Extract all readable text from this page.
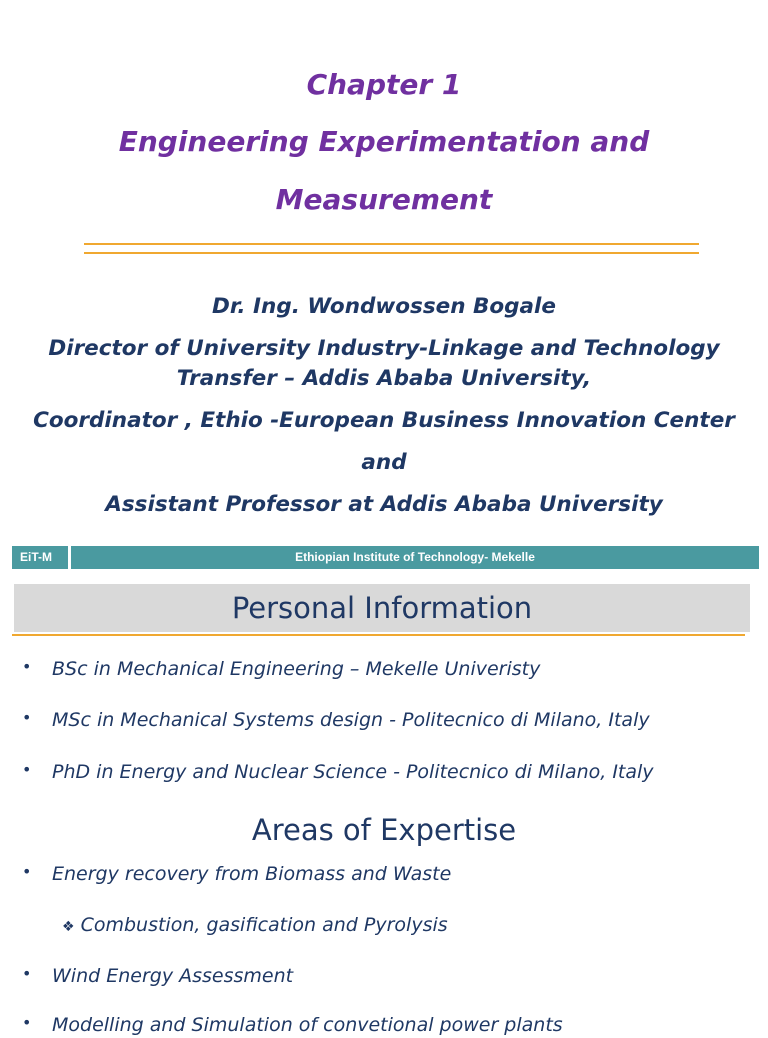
Chapter 1
Engineering Experimentation and
Measurement
Dr. Ing. Wondwossen Bogale
Director of University Industry-Linkage and Technology
Transfer – Addis Ababa University,
Coordinator , Ethio -European Business Innovation Center
and
Assistant Professor at Addis Ababa University
EiT-M	Ethiopian Institute of Technology- Mekelle
Personal Information
• BSc in Mechanical Engineering – Mekelle Univeristy
• MSc in Mechanical Systems design - Politecnico di Milano, Italy
• PhD in Energy and Nuclear Science - Politecnico di Milano, Italy
Areas of Expertise
• Energy recovery from Biomass and Waste
❖ Combustion, gasification and Pyrolysis
• Wind Energy Assessment
• Modelling and Simulation of convetional power plants
